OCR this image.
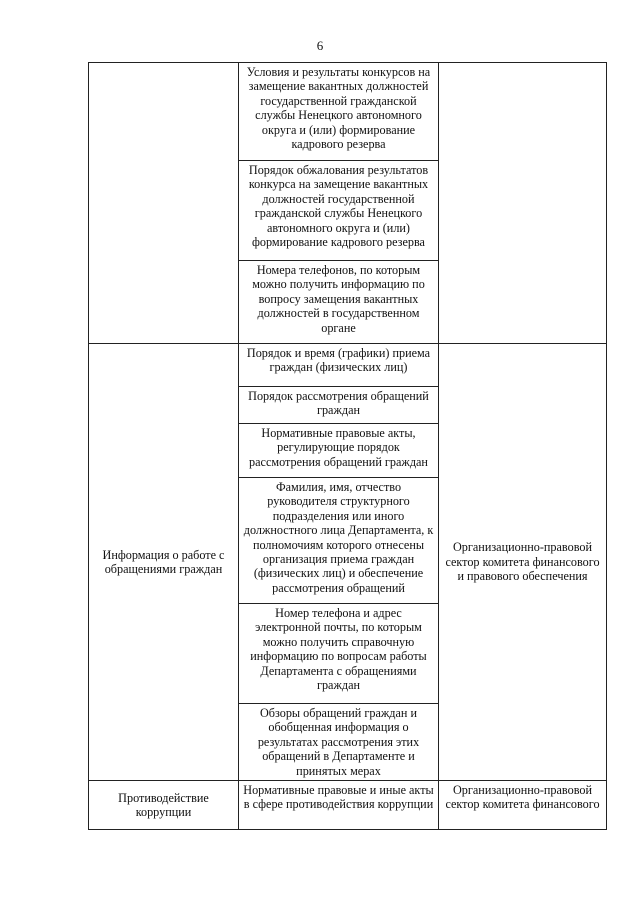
6

	Условия и результаты конкурсов на замещение вакантных должностей государственной гражданской службы Ненецкого автономного округа и (или) формирование кадрового резерва	

	Порядок обжалования результатов конкурса на замещение вакантных должностей государственной гражданской службы Ненецкого автономного округа и (или) формирование кадрового резерва	

	Номера телефонов, по которым можно получить информацию по вопросу замещения вакантных должностей в государственном органе	

Информация о работе с обращениями граждан	Порядок и время (графики) приема граждан (физических лиц)	Организационно-правовой сектор комитета финансового и правового обеспечения

	Порядок рассмотрения обращений граждан	

	Нормативные правовые акты, регулирующие порядок рассмотрения обращений граждан	

	Фамилия, имя, отчество руководителя структурного подразделения или иного должностного лица Департамента, к полномочиям которого отнесены организация приема граждан (физических лиц) и обеспечение рассмотрения обращений	

	Номер телефона и адрес электронной почты, по которым можно получить справочную информацию по вопросам работы Департамента с обращениями граждан	

	Обзоры обращений граждан и обобщенная информация о результатах рассмотрения этих обращений в Департаменте и принятых мерах	

Противодействие коррупции	Нормативные правовые и иные акты в сфере противодействия коррупции	Организационно-правовой сектор комитета финансового
